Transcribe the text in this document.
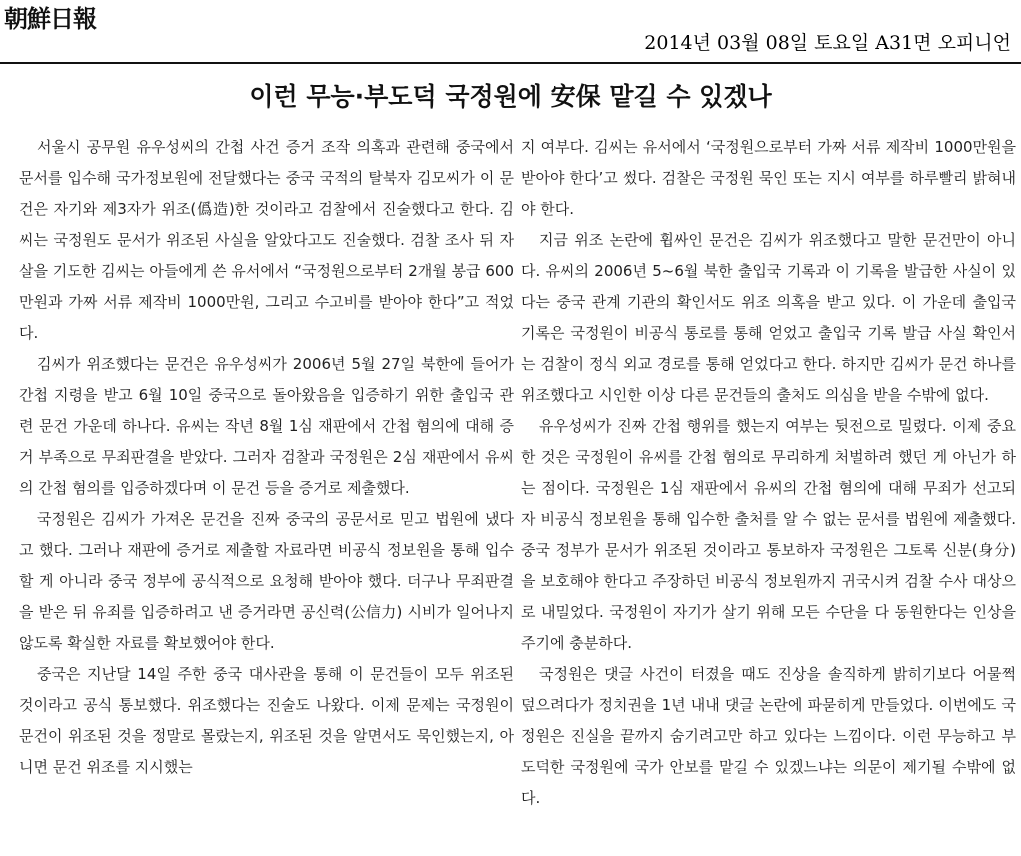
朝鮮日報
2014년 03월 08일 토요일 A31면 오피니언
이런 무능·부도덕 국정원에 安保 맡길 수 있겠나

서울시 공무원 유우성씨의 간첩 사건 증거 조작 의혹과 관련해 중국에서 문서를 입수해 국가정보원에 전달했다는 중국 국적의 탈북자 김모씨가 이 문건은 자기와 제3자가 위조(僞造)한 것이라고 검찰에서 진술했다고 한다. 김씨는 국정원도 문서가 위조된 사실을 알았다고도 진술했다. 검찰 조사 뒤 자살을 기도한 김씨는 아들에게 쓴 유서에서 “국정원으로부터 2개월 봉급 600만원과 가짜 서류 제작비 1000만원, 그리고 수고비를 받아야 한다”고 적었다.

김씨가 위조했다는 문건은 유우성씨가 2006년 5월 27일 북한에 들어가 간첩 지령을 받고 6월 10일 중국으로 돌아왔음을 입증하기 위한 출입국 관련 문건 가운데 하나다. 유씨는 작년 8월 1심 재판에서 간첩 혐의에 대해 증거 부족으로 무죄판결을 받았다. 그러자 검찰과 국정원은 2심 재판에서 유씨의 간첩 혐의를 입증하겠다며 이 문건 등을 증거로 제출했다.

국정원은 김씨가 가져온 문건을 진짜 중국의 공문서로 믿고 법원에 냈다고 했다. 그러나 재판에 증거로 제출할 자료라면 비공식 정보원을 통해 입수할 게 아니라 중국 정부에 공식적으로 요청해 받아야 했다. 더구나 무죄판결을 받은 뒤 유죄를 입증하려고 낸 증거라면 공신력(公信力) 시비가 일어나지 않도록 확실한 자료를 확보했어야 한다.

중국은 지난달 14일 주한 중국 대사관을 통해 이 문건들이 모두 위조된 것이라고 공식 통보했다. 위조했다는 진술도 나왔다. 이제 문제는 국정원이 문건이 위조된 것을 정말로 몰랐는지, 위조된 것을 알면서도 묵인했는지, 아니면 문건 위조를 지시했는

지 여부다. 김씨는 유서에서 ‘국정원으로부터 가짜 서류 제작비 1000만원을 받아야 한다’고 썼다. 검찰은 국정원 묵인 또는 지시 여부를 하루빨리 밝혀내야 한다.

지금 위조 논란에 휩싸인 문건은 김씨가 위조했다고 말한 문건만이 아니다. 유씨의 2006년 5~6월 북한 출입국 기록과 이 기록을 발급한 사실이 있다는 중국 관계 기관의 확인서도 위조 의혹을 받고 있다. 이 가운데 출입국 기록은 국정원이 비공식 통로를 통해 얻었고 출입국 기록 발급 사실 확인서는 검찰이 정식 외교 경로를 통해 얻었다고 한다. 하지만 김씨가 문건 하나를 위조했다고 시인한 이상 다른 문건들의 출처도 의심을 받을 수밖에 없다.

유우성씨가 진짜 간첩 행위를 했는지 여부는 뒷전으로 밀렸다. 이제 중요한 것은 국정원이 유씨를 간첩 혐의로 무리하게 처벌하려 했던 게 아닌가 하는 점이다. 국정원은 1심 재판에서 유씨의 간첩 혐의에 대해 무죄가 선고되자 비공식 정보원을 통해 입수한 출처를 알 수 없는 문서를 법원에 제출했다. 중국 정부가 문서가 위조된 것이라고 통보하자 국정원은 그토록 신분(身分)을 보호해야 한다고 주장하던 비공식 정보원까지 귀국시켜 검찰 수사 대상으로 내밀었다. 국정원이 자기가 살기 위해 모든 수단을 다 동원한다는 인상을 주기에 충분하다.

국정원은 댓글 사건이 터졌을 때도 진상을 솔직하게 밝히기보다 어물쩍 덮으려다가 정치권을 1년 내내 댓글 논란에 파묻히게 만들었다. 이번에도 국정원은 진실을 끝까지 숨기려고만 하고 있다는 느낌이다. 이런 무능하고 부도덕한 국정원에 국가 안보를 맡길 수 있겠느냐는 의문이 제기될 수밖에 없다.
